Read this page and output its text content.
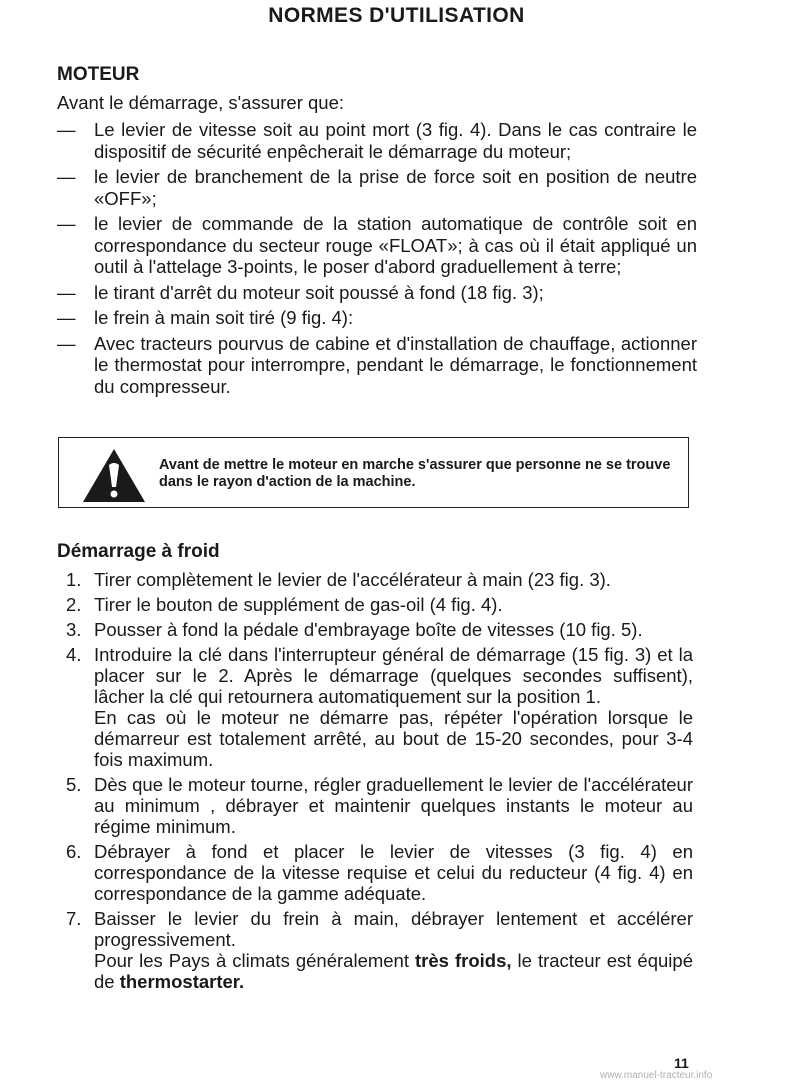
NORMES D'UTILISATION
MOTEUR
Avant le démarrage, s'assurer que:
— Le levier de vitesse soit au point mort (3 fig. 4). Dans le cas contraire le dispositif de sécurité enpêcherait le démarrage du moteur;
— le levier de branchement de la prise de force soit en position de neutre «OFF»;
— le levier de commande de la station automatique de contrôle soit en correspondance du secteur rouge «FLOAT»; à cas où il était appliqué un outil à l'attelage 3-points, le poser d'abord graduellement à terre;
— le tirant d'arrêt du moteur soit poussé à fond (18 fig. 3);
— le frein à main soit tiré (9 fig. 4):
— Avec tracteurs pourvus de cabine et d'installation de chauffage, actionner le thermostat pour interrompre, pendant le démarrage, le fonctionnement du compresseur.
Avant de mettre le moteur en marche s'assurer que personne ne se trouve dans le rayon d'action de la machine.
Démarrage à froid
1. Tirer complètement le levier de l'accélérateur à main (23 fig. 3).
2. Tirer le bouton de supplément de gas-oil (4 fig. 4).
3. Pousser à fond la pédale d'embrayage boîte de vitesses (10 fig. 5).
4. Introduire la clé dans l'interrupteur général de démarrage (15 fig. 3) et la placer sur le 2. Après le démarrage (quelques secondes suffisent), lâcher la clé qui retournera automatiquement sur la position 1.
En cas où le moteur ne démarre pas, répéter l'opération lorsque le démarreur est totalement arrêté, au bout de 15-20 secondes, pour 3-4 fois maximum.
5. Dès que le moteur tourne, régler graduellement le levier de l'accélérateur au minimum , débrayer et maintenir quelques instants le moteur au régime minimum.
6. Débrayer à fond et placer le levier de vitesses (3 fig. 4) en correspondance de la vitesse requise et celui du reducteur (4 fig. 4) en correspondance de la gamme adéquate.
7. Baisser le levier du frein à main, débrayer lentement et accélérer progressivement.
Pour les Pays à climats généralement très froids, le tracteur est équipé de thermostarter.
11
www.manuel-tracteur.info
